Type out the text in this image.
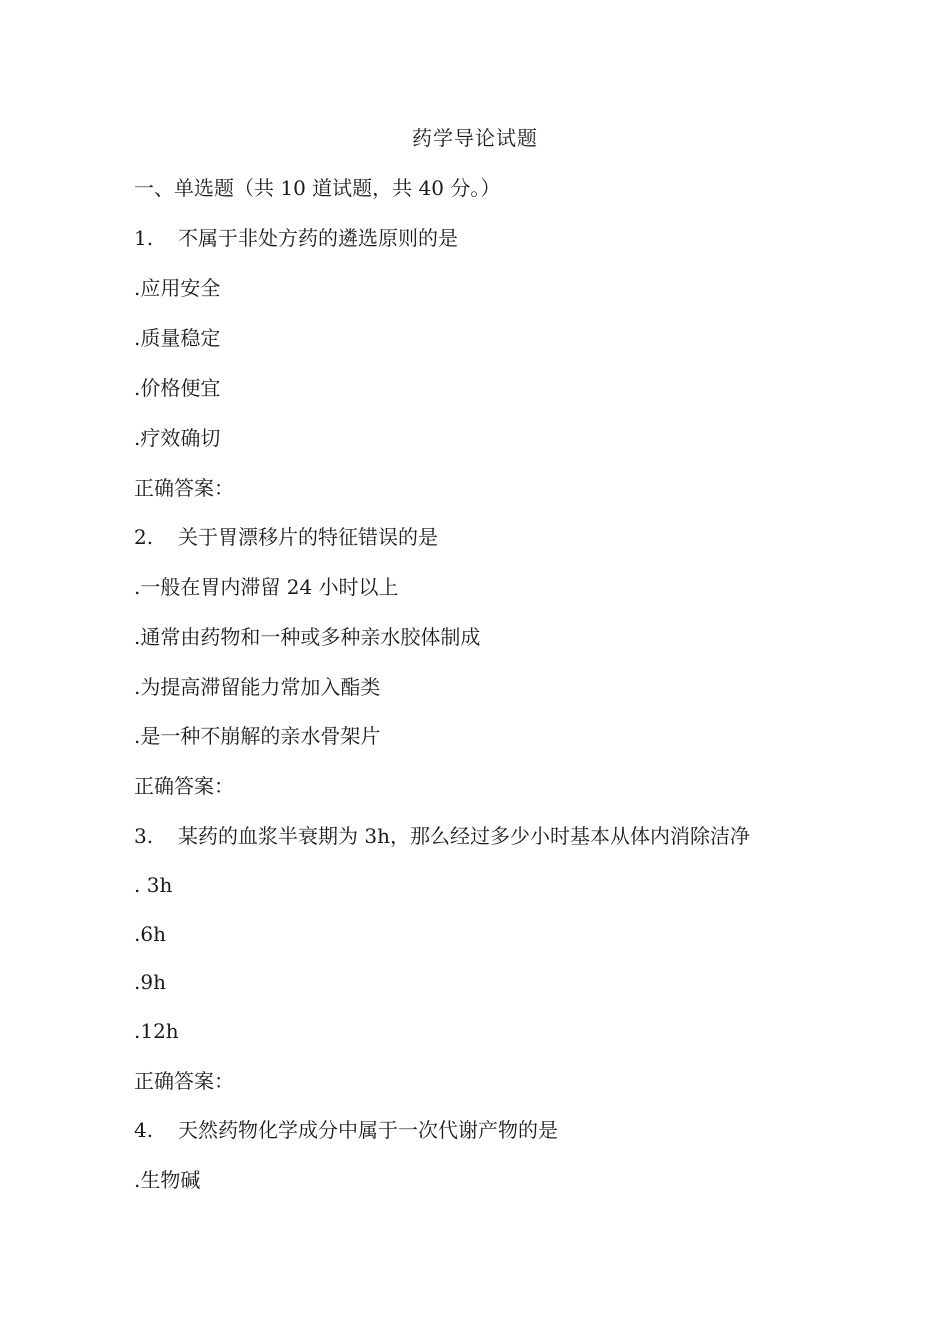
药学导论试题
一、单选题（共 10 道试题，共 40 分。）
1. 不属于非处方药的遴选原则的是
.应用安全
.质量稳定
.价格便宜
.疗效确切
正确答案：
2. 关于胃漂移片的特征错误的是
.一般在胃内滞留 24 小时以上
.通常由药物和一种或多种亲水胶体制成
.为提高滞留能力常加入酯类
.是一种不崩解的亲水骨架片
正确答案：
3. 某药的血浆半衰期为 3h，那么经过多少小时基本从体内消除洁净
. 3h
.6h
.9h
.12h
正确答案：
4. 天然药物化学成分中属于一次代谢产物的是
.生物碱
